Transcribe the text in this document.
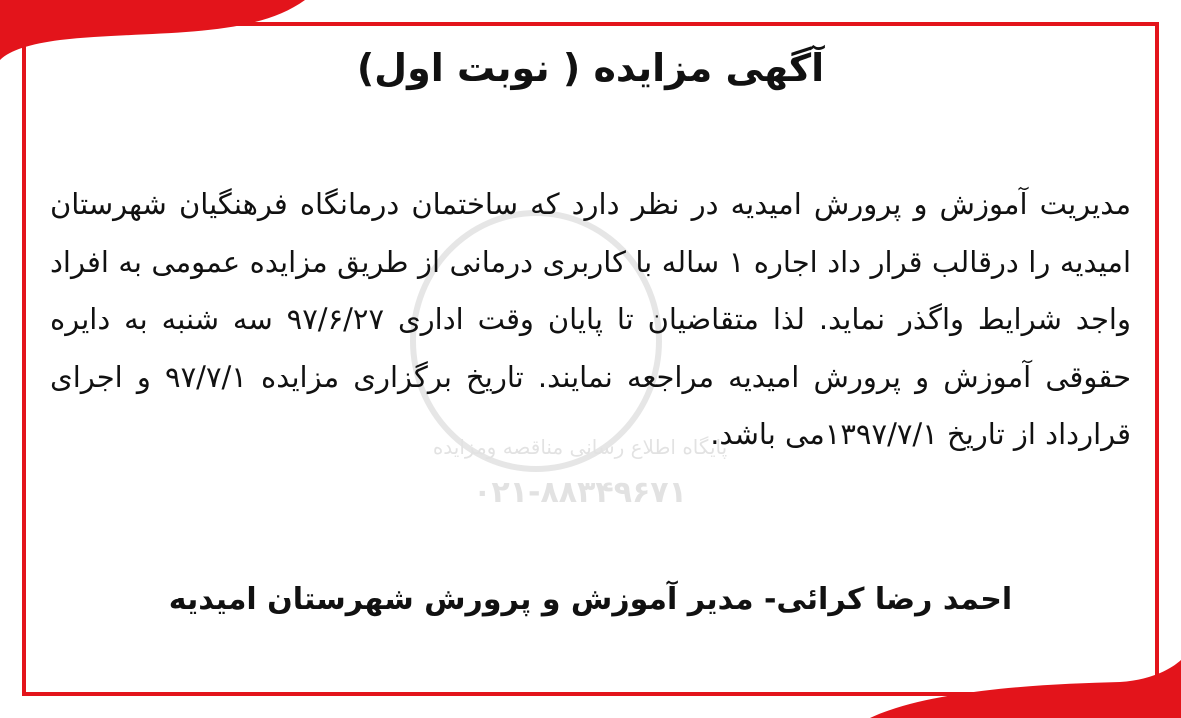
آگهی مزایده ( نوبت اول)
پایگاه اطلاع رسانی مناقصه ومزایده
۰۲۱-۸۸۳۴۹۶۷۱
مدیریت آموزش و پرورش امیدیه در نظر دارد که ساختمان درمانگاه فرهنگیان شهرستان امیدیه را درقالب قرار داد اجاره ۱ ساله با کاربری درمانی از طریق مزایده عمومی به افراد واجد شرایط واگذر نماید. لذا متقاضیان تا پایان وقت اداری ۹۷/۶/۲۷ سه شنبه به دایره حقوقی آموزش و پرورش امیدیه مراجعه نمایند. تاریخ برگزاری مزایده ۹۷/۷/۱ و اجرای قرارداد از تاریخ ۱۳۹۷/۷/۱می باشد.
احمد رضا کرائی- مدیر آموزش و پرورش شهرستان امیدیه
